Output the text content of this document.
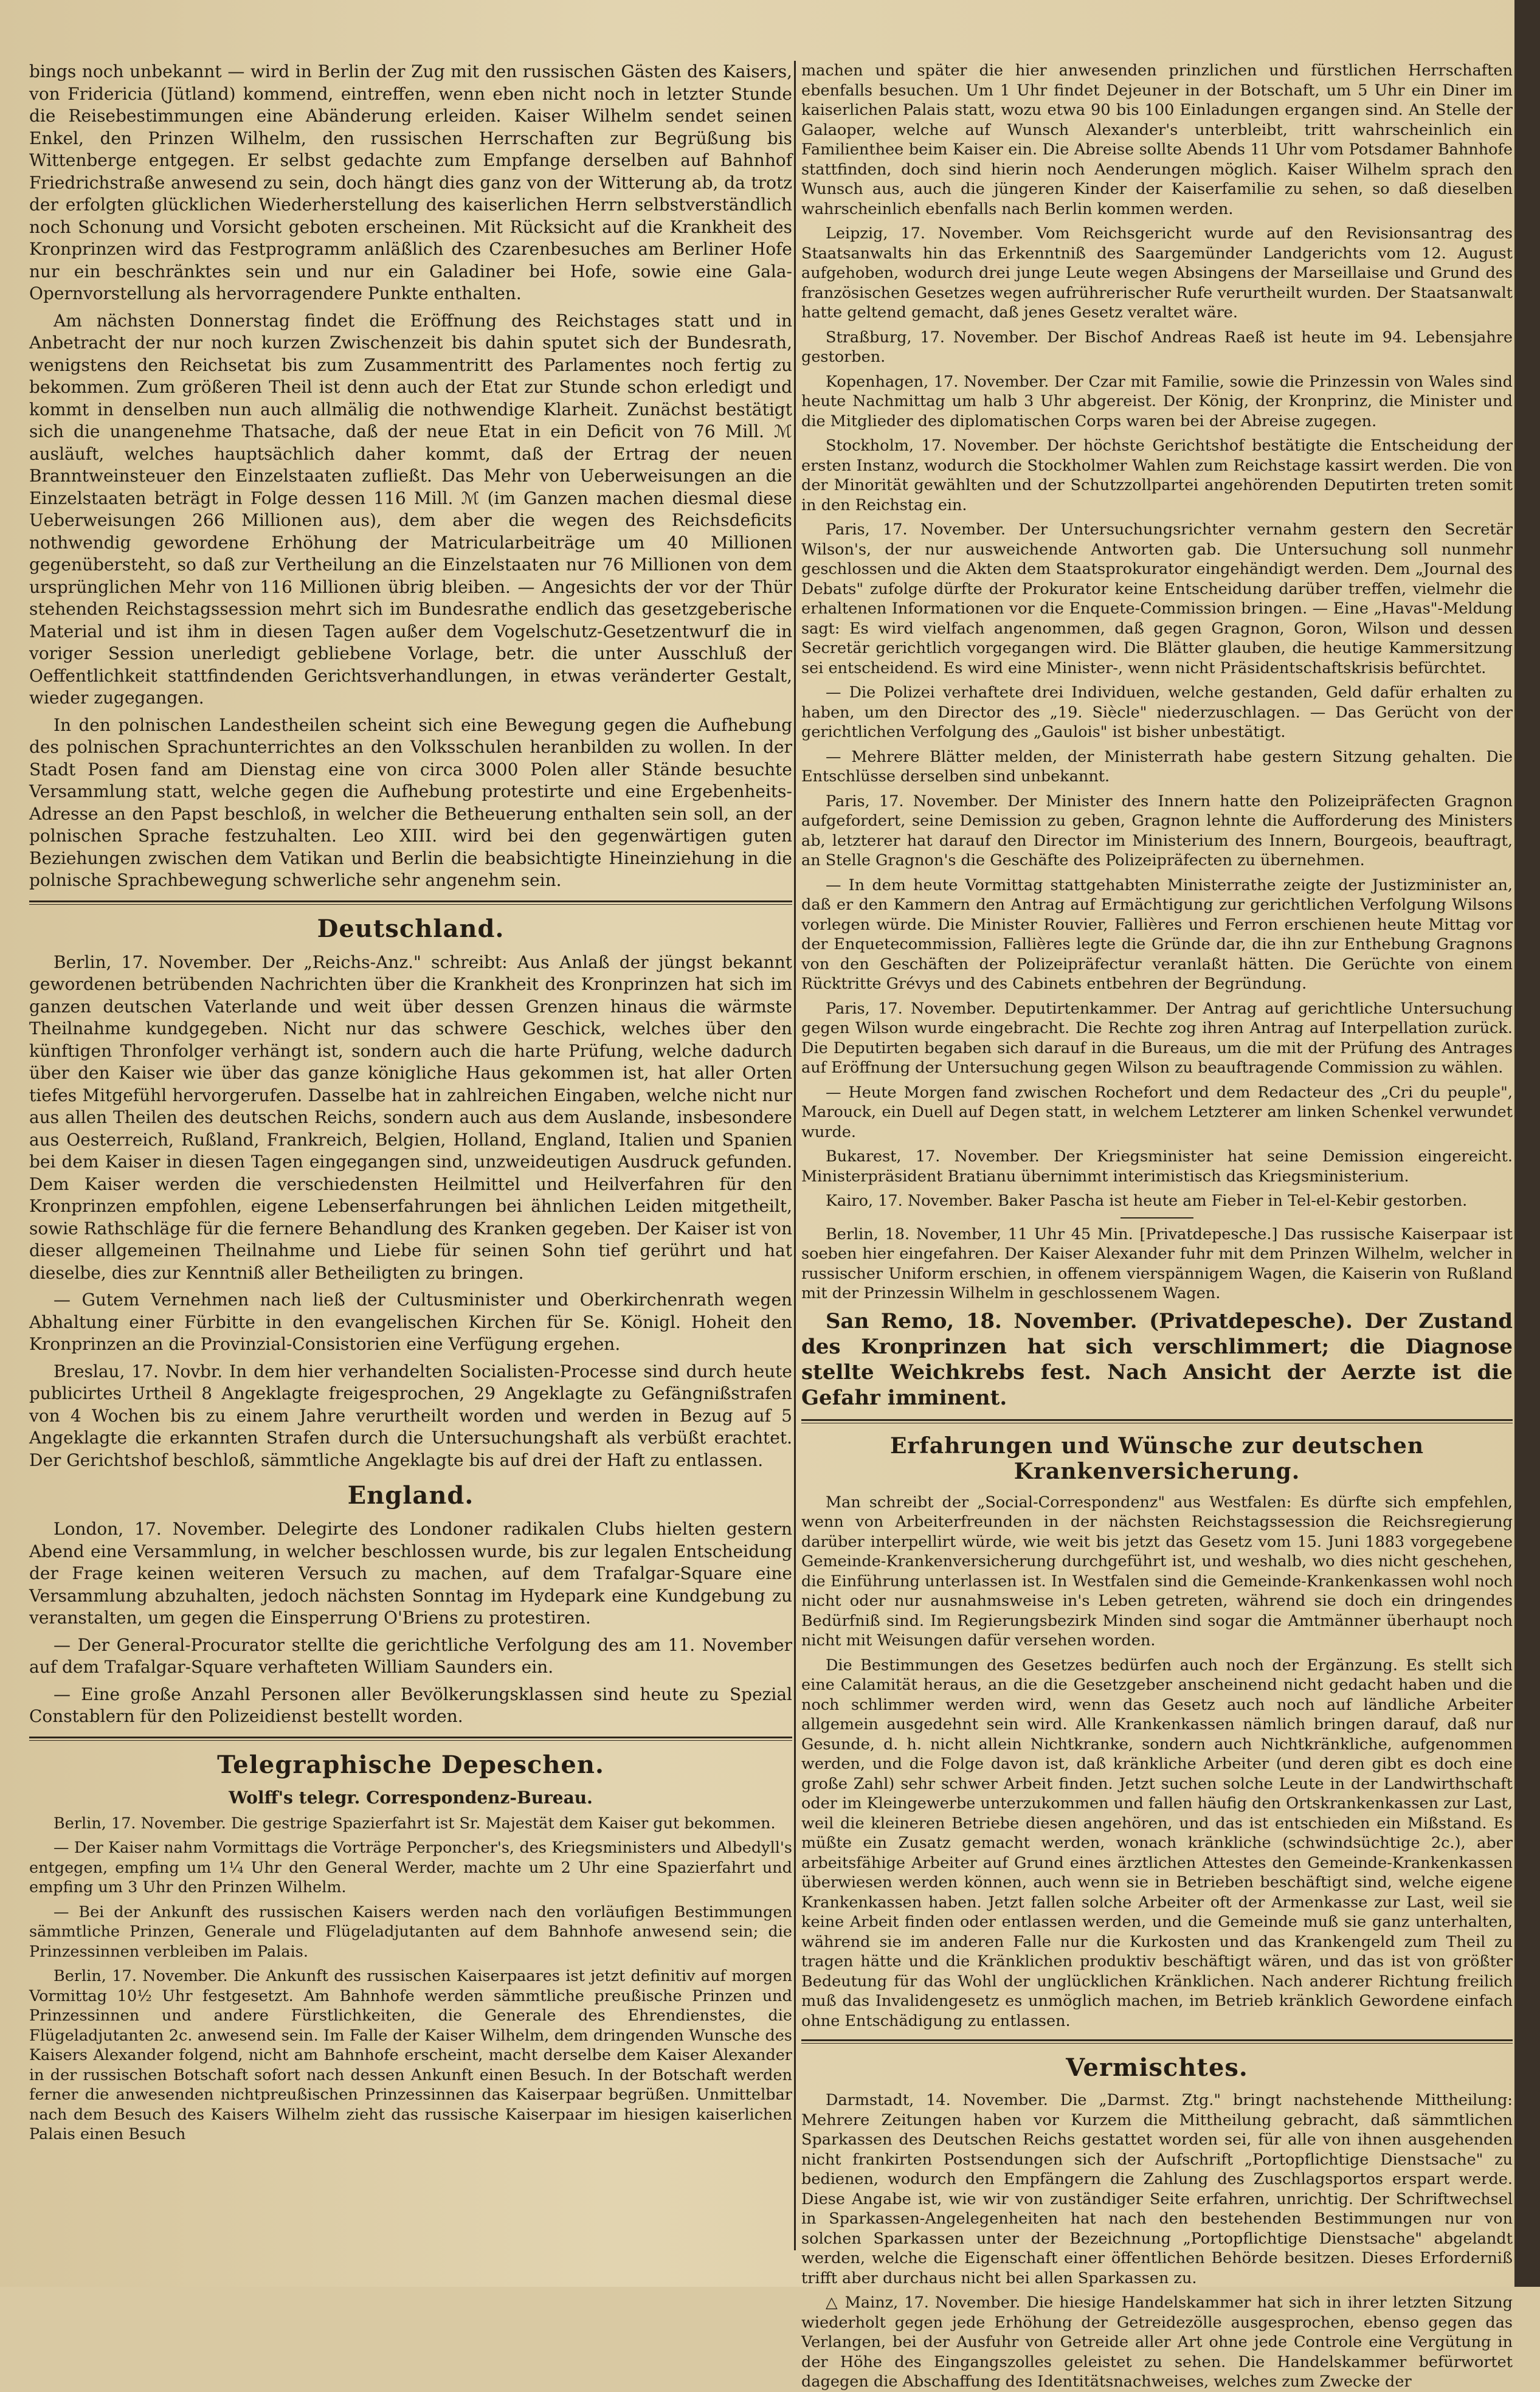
bings noch unbekannt — wird in Berlin der Zug mit den russischen Gästen des Kaisers, von Fridericia (Jütland) kommend, eintreffen, wenn eben nicht noch in letzter Stunde die Reisebestimmungen eine Abänderung erleiden. Kaiser Wilhelm sendet seinen Enkel, den Prinzen Wilhelm, den russischen Herrschaften zur Begrüßung bis Wittenberge entgegen. Er selbst gedachte zum Empfange derselben auf Bahnhof Friedrichstraße anwesend zu sein, doch hängt dies ganz von der Witterung ab, da trotz der erfolgten glücklichen Wiederherstellung des kaiserlichen Herrn selbstverständlich noch Schonung und Vorsicht geboten erscheinen. Mit Rücksicht auf die Krankheit des Kronprinzen wird das Festprogramm anläßlich des Czarenbesuches am Berliner Hofe nur ein beschränktes sein und nur ein Galadiner bei Hofe, sowie eine Gala-Opernvorstellung als hervorragendere Punkte enthalten.

Am nächsten Donnerstag findet die Eröffnung des Reichstages statt und in Anbetracht der nur noch kurzen Zwischenzeit bis dahin sputet sich der Bundesrath, wenigstens den Reichsetat bis zum Zusammentritt des Parlamentes noch fertig zu bekommen. Zum größeren Theil ist denn auch der Etat zur Stunde schon erledigt und kommt in denselben nun auch allmälig die nothwendige Klarheit. Zunächst bestätigt sich die unangenehme Thatsache, daß der neue Etat in ein Deficit von 76 Mill. ℳ ausläuft, welches hauptsächlich daher kommt, daß der Ertrag der neuen Branntweinsteuer den Einzelstaaten zufließt. Das Mehr von Ueberweisungen an die Einzelstaaten beträgt in Folge dessen 116 Mill. ℳ (im Ganzen machen diesmal diese Ueberweisungen 266 Millionen aus), dem aber die wegen des Reichsdeficits nothwendig gewordene Erhöhung der Matricularbeiträge um 40 Millionen gegenübersteht, so daß zur Vertheilung an die Einzelstaaten nur 76 Millionen von dem ursprünglichen Mehr von 116 Millionen übrig bleiben. — Angesichts der vor der Thür stehenden Reichstagssession mehrt sich im Bundesrathe endlich das gesetzgeberische Material und ist ihm in diesen Tagen außer dem Vogelschutz-Gesetzentwurf die in voriger Session unerledigt gebliebene Vorlage, betr. die unter Ausschluß der Oeffentlichkeit stattfindenden Gerichtsverhandlungen, in etwas veränderter Gestalt, wieder zugegangen.

In den polnischen Landestheilen scheint sich eine Bewegung gegen die Aufhebung des polnischen Sprachunterrichtes an den Volksschulen heranbilden zu wollen. In der Stadt Posen fand am Dienstag eine von circa 3000 Polen aller Stände besuchte Versammlung statt, welche gegen die Aufhebung protestirte und eine Ergebenheits-Adresse an den Papst beschloß, in welcher die Betheuerung enthalten sein soll, an der polnischen Sprache festzuhalten. Leo XIII. wird bei den gegenwärtigen guten Beziehungen zwischen dem Vatikan und Berlin die beabsichtigte Hineinziehung in die polnische Sprachbewegung schwerliche sehr angenehm sein.

Deutschland.

Berlin, 17. November. Der „Reichs-Anz." schreibt: Aus Anlaß der jüngst bekannt gewordenen betrübenden Nachrichten über die Krankheit des Kronprinzen hat sich im ganzen deutschen Vaterlande und weit über dessen Grenzen hinaus die wärmste Theilnahme kundgegeben. Nicht nur das schwere Geschick, welches über den künftigen Thronfolger verhängt ist, sondern auch die harte Prüfung, welche dadurch über den Kaiser wie über das ganze königliche Haus gekommen ist, hat aller Orten tiefes Mitgefühl hervorgerufen. Dasselbe hat in zahlreichen Eingaben, welche nicht nur aus allen Theilen des deutschen Reichs, sondern auch aus dem Auslande, insbesondere aus Oesterreich, Rußland, Frankreich, Belgien, Holland, England, Italien und Spanien bei dem Kaiser in diesen Tagen eingegangen sind, unzweideutigen Ausdruck gefunden. Dem Kaiser werden die verschiedensten Heilmittel und Heilverfahren für den Kronprinzen empfohlen, eigene Lebenserfahrungen bei ähnlichen Leiden mitgetheilt, sowie Rathschläge für die fernere Behandlung des Kranken gegeben. Der Kaiser ist von dieser allgemeinen Theilnahme und Liebe für seinen Sohn tief gerührt und hat dieselbe, dies zur Kenntniß aller Betheiligten zu bringen.

— Gutem Vernehmen nach ließ der Cultusminister und Oberkirchenrath wegen Abhaltung einer Fürbitte in den evangelischen Kirchen für Se. Königl. Hoheit den Kronprinzen an die Provinzial-Consistorien eine Verfügung ergehen.

Breslau, 17. Novbr. In dem hier verhandelten Socialisten-Processe sind durch heute publicirtes Urtheil 8 Angeklagte freigesprochen, 29 Angeklagte zu Gefängnißstrafen von 4 Wochen bis zu einem Jahre verurtheilt worden und werden in Bezug auf 5 Angeklagte die erkannten Strafen durch die Untersuchungshaft als verbüßt erachtet. Der Gerichtshof beschloß, sämmtliche Angeklagte bis auf drei der Haft zu entlassen.

England.

London, 17. November. Delegirte des Londoner radikalen Clubs hielten gestern Abend eine Versammlung, in welcher beschlossen wurde, bis zur legalen Entscheidung der Frage keinen weiteren Versuch zu machen, auf dem Trafalgar-Square eine Versammlung abzuhalten, jedoch nächsten Sonntag im Hydepark eine Kundgebung zu veranstalten, um gegen die Einsperrung O'Briens zu protestiren.

— Der General-Procurator stellte die gerichtliche Verfolgung des am 11. November auf dem Trafalgar-Square verhafteten William Saunders ein.

— Eine große Anzahl Personen aller Bevölkerungsklassen sind heute zu Spezial Constablern für den Polizeidienst bestellt worden.

Telegraphische Depeschen.
Wolff's telegr. Correspondenz-Bureau.

Berlin, 17. November. Die gestrige Spazierfahrt ist Sr. Majestät dem Kaiser gut bekommen.

— Der Kaiser nahm Vormittags die Vorträge Perponcher's, des Kriegsministers und Albedyll's entgegen, empfing um 1¼ Uhr den General Werder, machte um 2 Uhr eine Spazierfahrt und empfing um 3 Uhr den Prinzen Wilhelm.

— Bei der Ankunft des russischen Kaisers werden nach den vorläufigen Bestimmungen sämmtliche Prinzen, Generale und Flügeladjutanten auf dem Bahnhofe anwesend sein; die Prinzessinnen verbleiben im Palais.

Berlin, 17. November. Die Ankunft des russischen Kaiserpaares ist jetzt definitiv auf morgen Vormittag 10½ Uhr festgesetzt. Am Bahnhofe werden sämmtliche preußische Prinzen und Prinzessinnen und andere Fürstlichkeiten, die Generale des Ehrendienstes, die Flügeladjutanten 2c. anwesend sein. Im Falle der Kaiser Wilhelm, dem dringenden Wunsche des Kaisers Alexander folgend, nicht am Bahnhofe erscheint, macht derselbe dem Kaiser Alexander in der russischen Botschaft sofort nach dessen Ankunft einen Besuch. In der Botschaft werden ferner die anwesenden nichtpreußischen Prinzessinnen das Kaiserpaar begrüßen. Unmittelbar nach dem Besuch des Kaisers Wilhelm zieht das russische Kaiserpaar im hiesigen kaiserlichen Palais einen Besuch

machen und später die hier anwesenden prinzlichen und fürstlichen Herrschaften ebenfalls besuchen. Um 1 Uhr findet Dejeuner in der Botschaft, um 5 Uhr ein Diner im kaiserlichen Palais statt, wozu etwa 90 bis 100 Einladungen ergangen sind. An Stelle der Galaoper, welche auf Wunsch Alexander's unterbleibt, tritt wahrscheinlich ein Familienthee beim Kaiser ein. Die Abreise sollte Abends 11 Uhr vom Potsdamer Bahnhofe stattfinden, doch sind hierin noch Aenderungen möglich. Kaiser Wilhelm sprach den Wunsch aus, auch die jüngeren Kinder der Kaiserfamilie zu sehen, so daß dieselben wahrscheinlich ebenfalls nach Berlin kommen werden.

Leipzig, 17. November. Vom Reichsgericht wurde auf den Revisionsantrag des Staatsanwalts hin das Erkenntniß des Saargemünder Landgerichts vom 12. August aufgehoben, wodurch drei junge Leute wegen Absingens der Marseillaise und Grund des französischen Gesetzes wegen aufrührerischer Rufe verurtheilt wurden. Der Staatsanwalt hatte geltend gemacht, daß jenes Gesetz veraltet wäre.

Straßburg, 17. November. Der Bischof Andreas Raeß ist heute im 94. Lebensjahre gestorben.

Kopenhagen, 17. November. Der Czar mit Familie, sowie die Prinzessin von Wales sind heute Nachmittag um halb 3 Uhr abgereist. Der König, der Kronprinz, die Minister und die Mitglieder des diplomatischen Corps waren bei der Abreise zugegen.

Stockholm, 17. November. Der höchste Gerichtshof bestätigte die Entscheidung der ersten Instanz, wodurch die Stockholmer Wahlen zum Reichstage kassirt werden. Die von der Minorität gewählten und der Schutzzollpartei angehörenden Deputirten treten somit in den Reichstag ein.

Paris, 17. November. Der Untersuchungsrichter vernahm gestern den Secretär Wilson's, der nur ausweichende Antworten gab. Die Untersuchung soll nunmehr geschlossen und die Akten dem Staatsprokurator eingehändigt werden. Dem „Journal des Debats" zufolge dürfte der Prokurator keine Entscheidung darüber treffen, vielmehr die erhaltenen Informationen vor die Enquete-Commission bringen. — Eine „Havas"-Meldung sagt: Es wird vielfach angenommen, daß gegen Gragnon, Goron, Wilson und dessen Secretär gerichtlich vorgegangen wird. Die Blätter glauben, die heutige Kammersitzung sei entscheidend. Es wird eine Minister-, wenn nicht Präsidentschaftskrisis befürchtet.

— Die Polizei verhaftete drei Individuen, welche gestanden, Geld dafür erhalten zu haben, um den Director des „19. Siècle" niederzuschlagen. — Das Gerücht von der gerichtlichen Verfolgung des „Gaulois" ist bisher unbestätigt.

— Mehrere Blätter melden, der Ministerrath habe gestern Sitzung gehalten. Die Entschlüsse derselben sind unbekannt.

Paris, 17. November. Der Minister des Innern hatte den Polizeipräfecten Gragnon aufgefordert, seine Demission zu geben, Gragnon lehnte die Aufforderung des Ministers ab, letzterer hat darauf den Director im Ministerium des Innern, Bourgeois, beauftragt, an Stelle Gragnon's die Geschäfte des Polizeipräfecten zu übernehmen.

— In dem heute Vormittag stattgehabten Ministerrathe zeigte der Justizminister an, daß er den Kammern den Antrag auf Ermächtigung zur gerichtlichen Verfolgung Wilsons vorlegen würde. Die Minister Rouvier, Fallières und Ferron erschienen heute Mittag vor der Enquetecommission, Fallières legte die Gründe dar, die ihn zur Enthebung Gragnons von den Geschäften der Polizeipräfectur veranlaßt hätten. Die Gerüchte von einem Rücktritte Grévys und des Cabinets entbehren der Begründung.

Paris, 17. November. Deputirtenkammer. Der Antrag auf gerichtliche Untersuchung gegen Wilson wurde eingebracht. Die Rechte zog ihren Antrag auf Interpellation zurück. Die Deputirten begaben sich darauf in die Bureaus, um die mit der Prüfung des Antrages auf Eröffnung der Untersuchung gegen Wilson zu beauftragende Commission zu wählen.

— Heute Morgen fand zwischen Rochefort und dem Redacteur des „Cri du peuple", Marouck, ein Duell auf Degen statt, in welchem Letzterer am linken Schenkel verwundet wurde.

Bukarest, 17. November. Der Kriegsminister hat seine Demission eingereicht. Ministerpräsident Bratianu übernimmt interimistisch das Kriegsministerium.

Kairo, 17. November. Baker Pascha ist heute am Fieber in Tel-el-Kebir gestorben.

Berlin, 18. November, 11 Uhr 45 Min. [Privatdepesche.] Das russische Kaiserpaar ist soeben hier eingefahren. Der Kaiser Alexander fuhr mit dem Prinzen Wilhelm, welcher in russischer Uniform erschien, in offenem vierspännigem Wagen, die Kaiserin von Rußland mit der Prinzessin Wilhelm in geschlossenem Wagen.

San Remo, 18. November. (Privatdepesche). Der Zustand des Kronprinzen hat sich verschlimmert; die Diagnose stellte Weichkrebs fest. Nach Ansicht der Aerzte ist die Gefahr imminent.

Erfahrungen und Wünsche zur deutschen Krankenversicherung.

Man schreibt der „Social-Correspondenz" aus Westfalen: Es dürfte sich empfehlen, wenn von Arbeiterfreunden in der nächsten Reichstagssession die Reichsregierung darüber interpellirt würde, wie weit bis jetzt das Gesetz vom 15. Juni 1883 vorgegebene Gemeinde-Krankenversicherung durchgeführt ist, und weshalb, wo dies nicht geschehen, die Einführung unterlassen ist. In Westfalen sind die Gemeinde-Krankenkassen wohl noch nicht oder nur ausnahmsweise in's Leben getreten, während sie doch ein dringendes Bedürfniß sind. Im Regierungsbezirk Minden sind sogar die Amtmänner überhaupt noch nicht mit Weisungen dafür versehen worden.

Die Bestimmungen des Gesetzes bedürfen auch noch der Ergänzung. Es stellt sich eine Calamität heraus, an die die Gesetzgeber anscheinend nicht gedacht haben und die noch schlimmer werden wird, wenn das Gesetz auch noch auf ländliche Arbeiter allgemein ausgedehnt sein wird. Alle Krankenkassen nämlich bringen darauf, daß nur Gesunde, d. h. nicht allein Nichtkranke, sondern auch Nichtkränkliche, aufgenommen werden, und die Folge davon ist, daß kränkliche Arbeiter (und deren gibt es doch eine große Zahl) sehr schwer Arbeit finden. Jetzt suchen solche Leute in der Landwirthschaft oder im Kleingewerbe unterzukommen und fallen häufig den Ortskrankenkassen zur Last, weil die kleineren Betriebe diesen angehören, und das ist entschieden ein Mißstand. Es müßte ein Zusatz gemacht werden, wonach kränkliche (schwindsüchtige 2c.), aber arbeitsfähige Arbeiter auf Grund eines ärztlichen Attestes den Gemeinde-Krankenkassen überwiesen werden können, auch wenn sie in Betrieben beschäftigt sind, welche eigene Krankenkassen haben. Jetzt fallen solche Arbeiter oft der Armenkasse zur Last, weil sie keine Arbeit finden oder entlassen werden, und die Gemeinde muß sie ganz unterhalten, während sie im anderen Falle nur die Kurkosten und das Krankengeld zum Theil zu tragen hätte und die Kränklichen produktiv beschäftigt wären, und das ist von größter Bedeutung für das Wohl der unglücklichen Kränklichen. Nach anderer Richtung freilich muß das Invalidengesetz es unmöglich machen, im Betrieb kränklich Gewordene einfach ohne Entschädigung zu entlassen.

Vermischtes.

Darmstadt, 14. November. Die „Darmst. Ztg." bringt nachstehende Mittheilung: Mehrere Zeitungen haben vor Kurzem die Mittheilung gebracht, daß sämmtlichen Sparkassen des Deutschen Reichs gestattet worden sei, für alle von ihnen ausgehenden nicht frankirten Postsendungen sich der Aufschrift „Portopflichtige Dienstsache" zu bedienen, wodurch den Empfängern die Zahlung des Zuschlagsportos erspart werde. Diese Angabe ist, wie wir von zuständiger Seite erfahren, unrichtig. Der Schriftwechsel in Sparkassen-Angelegenheiten hat nach den bestehenden Bestimmungen nur von solchen Sparkassen unter der Bezeichnung „Portopflichtige Dienstsache" abgelandt werden, welche die Eigenschaft einer öffentlichen Behörde besitzen. Dieses Erforderniß trifft aber durchaus nicht bei allen Sparkassen zu.

△ Mainz, 17. November. Die hiesige Handelskammer hat sich in ihrer letzten Sitzung wiederholt gegen jede Erhöhung der Getreidezölle ausgesprochen, ebenso gegen das Verlangen, bei der Ausfuhr von Getreide aller Art ohne jede Controle eine Vergütung in der Höhe des Eingangszolles geleistet zu sehen. Die Handelskammer befürwortet dagegen die Abschaffung des Identitätsnachweises, welches zum Zwecke der
